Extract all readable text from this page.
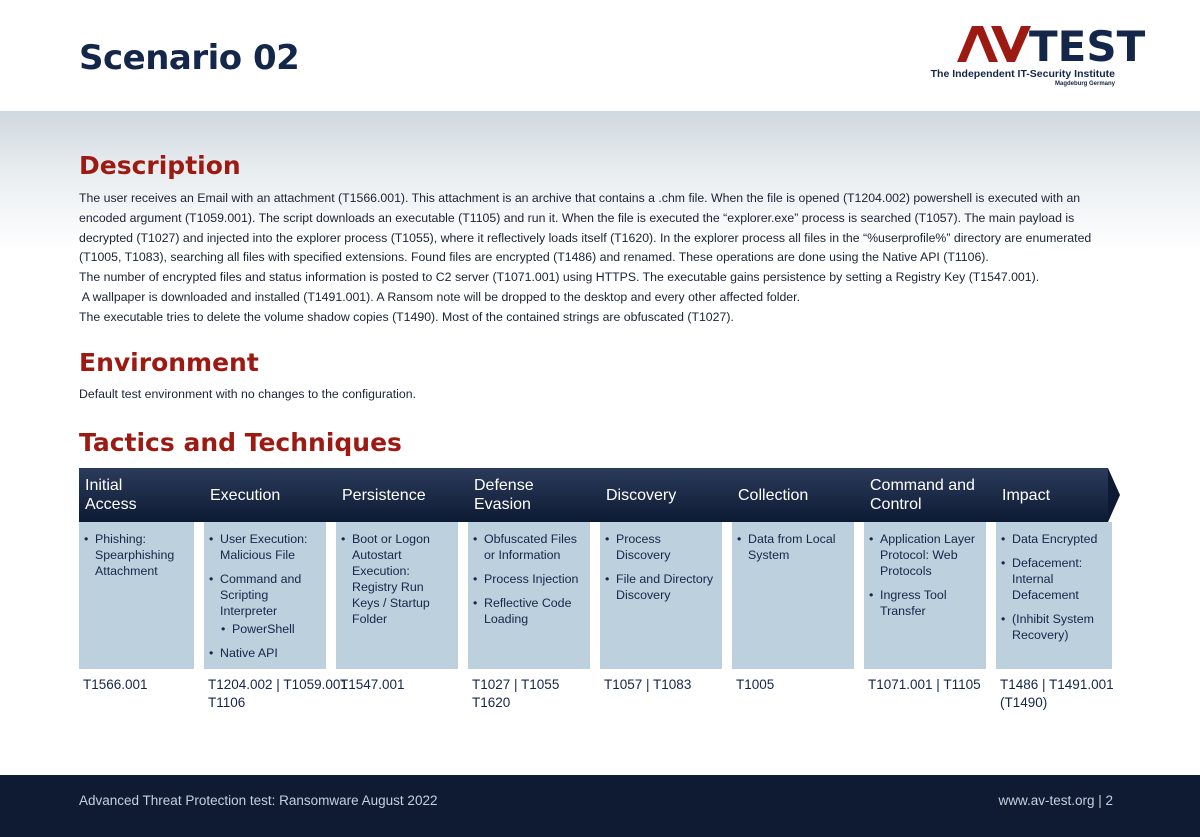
Scenario 02	TEST
The Independent IT-Security Institute
Magdeburg Germany
Description

The user receives an Email with an attachment (T1566.001). This attachment is an archive that contains a .chm file. When the file is opened (T1204.002) powershell is executed with an encoded argument (T1059.001). The script downloads an executable (T1105) and run it. When the file is executed the “explorer.exe” process is searched (T1057). The main payload is decrypted (T1027) and injected into the explorer process (T1055), where it reflectively loads itself (T1620). In the explorer process all files in the “%userprofile%” directory are enumerated (T1005, T1083), searching all files with specified extensions. Found files are encrypted (T1486) and renamed. These operations are done using the Native API (T1106).

The number of encrypted files and status information is posted to C2 server (T1071.001) using HTTPS. The executable gains persistence by setting a Registry Key (T1547.001).

A wallpaper is downloaded and installed (T1491.001). A Ransom note will be dropped to the desktop and every other affected folder.

The executable tries to delete the volume shadow copies (T1490). Most of the contained strings are obfuscated (T1027).

Environment
Default test environment with no changes to the configuration.
Tactics and Techniques
Initial
Access
• Phishing: Spearphishing Attachment
T1566.001
Execution
• User Execution: Malicious File
• Command and Scripting Interpreter
• PowerShell
• Native API
T1204.002 | T1059.001
T1106
Persistence
• Boot or Logon Autostart Execution: Registry Run Keys / Startup Folder
T1547.001
Defense
Evasion
• Obfuscated Files or Information
• Process Injection
• Reflective Code Loading
T1027 | T1055
T1620
Discovery
• Process Discovery
• File and Directory Discovery
T1057 | T1083
Collection
• Data from Local System
T1005
Command and
Control
• Application Layer Protocol: Web Protocols
• Ingress Tool Transfer
T1071.001 | T1105
Impact
• Data Encrypted
• Defacement: Internal Defacement
• (Inhibit System Recovery)
T1486 | T1491.001
(T1490)
Advanced Threat Protection test: Ransomware August 2022	www.av-test.org | 2
